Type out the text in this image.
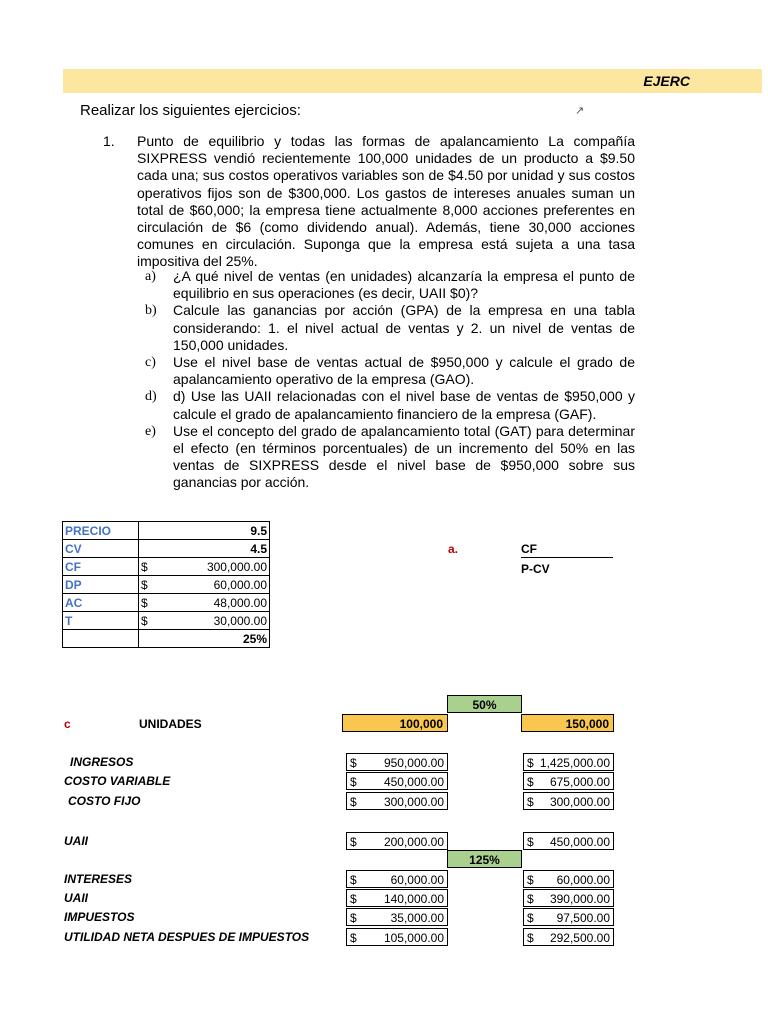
EJERC
Realizar los siguientes ejercicios:	↗
1. Punto de equilibrio y todas las formas de apalancamiento La compañía SIXPRESS vendió recientemente 100,000 unidades de un producto a $9.50 cada una; sus costos operativos variables son de $4.50 por unidad y sus costos operativos fijos son de $300,000. Los gastos de intereses anuales suman un total de $60,000; la empresa tiene actualmente 8,000 acciones preferentes en circulación de $6 (como dividendo anual). Además, tiene 30,000 acciones comunes en circulación. Suponga que la empresa está sujeta a una tasa impositiva del 25%.
a) ¿A qué nivel de ventas (en unidades) alcanzaría la empresa el punto de equilibrio en sus operaciones (es decir, UAII $0)?
b) Calcule las ganancias por acción (GPA) de la empresa en una tabla considerando: 1. el nivel actual de ventas y 2. un nivel de ventas de 150,000 unidades.
c) Use el nivel base de ventas actual de $950,000 y calcule el grado de apalancamiento operativo de la empresa (GAO).
d) d) Use las UAII relacionadas con el nivel base de ventas de $950,000 y calcule el grado de apalancamiento financiero de la empresa (GAF).
e) Use el concepto del grado de apalancamiento total (GAT) para determinar el efecto (en términos porcentuales) de un incremento del 50% en las ventas de SIXPRESS desde el nivel base de $950,000 sobre sus ganancias por acción.
PRECIO	9.5
CV	4.5
CF	$ 300,000.00

DP	$ 60,000.00

AC	$ 48,000.00

T	$ 30,000.00

	25%
a.	CF
P-CV
50%
c	UNIDADES	100,000	150,000
INGRESOS	$ 950,000.00	$ 1,425,000.00
COSTO VARIABLE	$ 450,000.00	$ 675,000.00
COSTO FIJO	$ 300,000.00	$ 300,000.00
UAII	$ 200,000.00	$ 450,000.00
125%
INTERESES	$	60,000.00	$ 60,000.00
UAII	$ 140,000.00	$ 390,000.00
IMPUESTOS	$	35,000.00	$ 97,500.00
UTILIDAD NETA DESPUES DE IMPUESTOS	$ 105,000.00	$ 292,500.00
